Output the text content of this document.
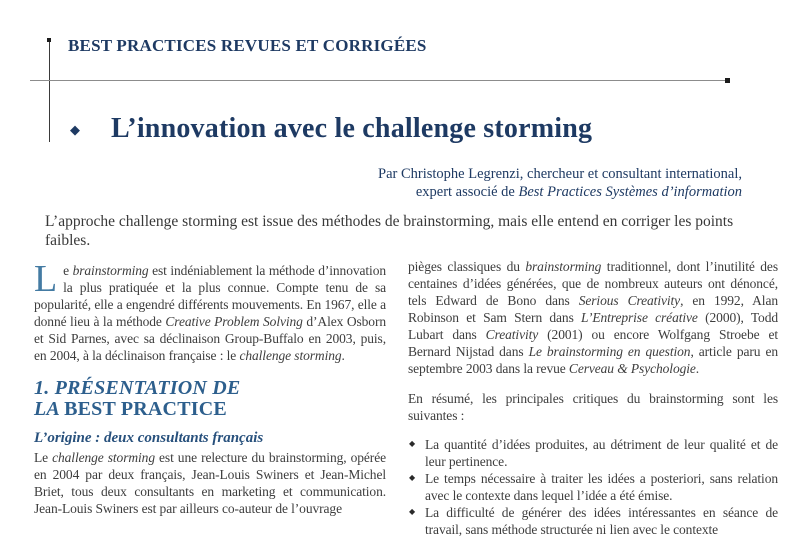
BEST PRACTICES REVUES ET CORRIGÉES
◆ L’innovation avec le challenge storming
Par Christophe Legrenzi, chercheur et consultant international,
expert associé de Best Practices Systèmes d’information
L’approche challenge storming est issue des méthodes de brainstorming, mais elle entend en corriger les points faibles.

Le brainstorming est indéniablement la méthode d’innovation la plus pratiquée et la plus connue. Compte tenu de sa popularité, elle a engendré différents mouvements. En 1967, elle a donné lieu à la méthode Creative Problem Solving d’Alex Osborn et Sid Parnes, avec sa déclinaison Group-Buffalo en 2003, puis, en 2004, à la déclinaison française : le challenge storming.

1. PRÉSENTATION DE
LA BEST PRACTICE
L’origine : deux consultants français

Le challenge storming est une relecture du brainstorming, opérée en 2004 par deux français, Jean-Louis Swiners et Jean-Michel Briet, tous deux consultants en marketing et communication. Jean-Louis Swiners est par ailleurs co-auteur de l’ouvrage

pièges classiques du brainstorming traditionnel, dont l’inutilité des centaines d’idées générées, que de nombreux auteurs ont dénoncé, tels Edward de Bono dans Serious Creativity, en 1992, Alan Robinson et Sam Stern dans L’Entreprise créative (2000), Todd Lubart dans Creativity (2001) ou encore Wolfgang Stroebe et Bernard Nijstad dans Le brainstorming en question, article paru en septembre 2003 dans la revue Cerveau & Psychologie.

En résumé, les principales critiques du brainstorming sont les suivantes :

◆ La quantité d’idées produites, au détriment de leur qualité et de leur pertinence.
◆ Le temps nécessaire à traiter les idées a posteriori, sans relation avec le contexte dans lequel l’idée a été émise.
◆ La difficulté de générer des idées intéressantes en séance de travail, sans méthode structurée ni lien avec le contexte
